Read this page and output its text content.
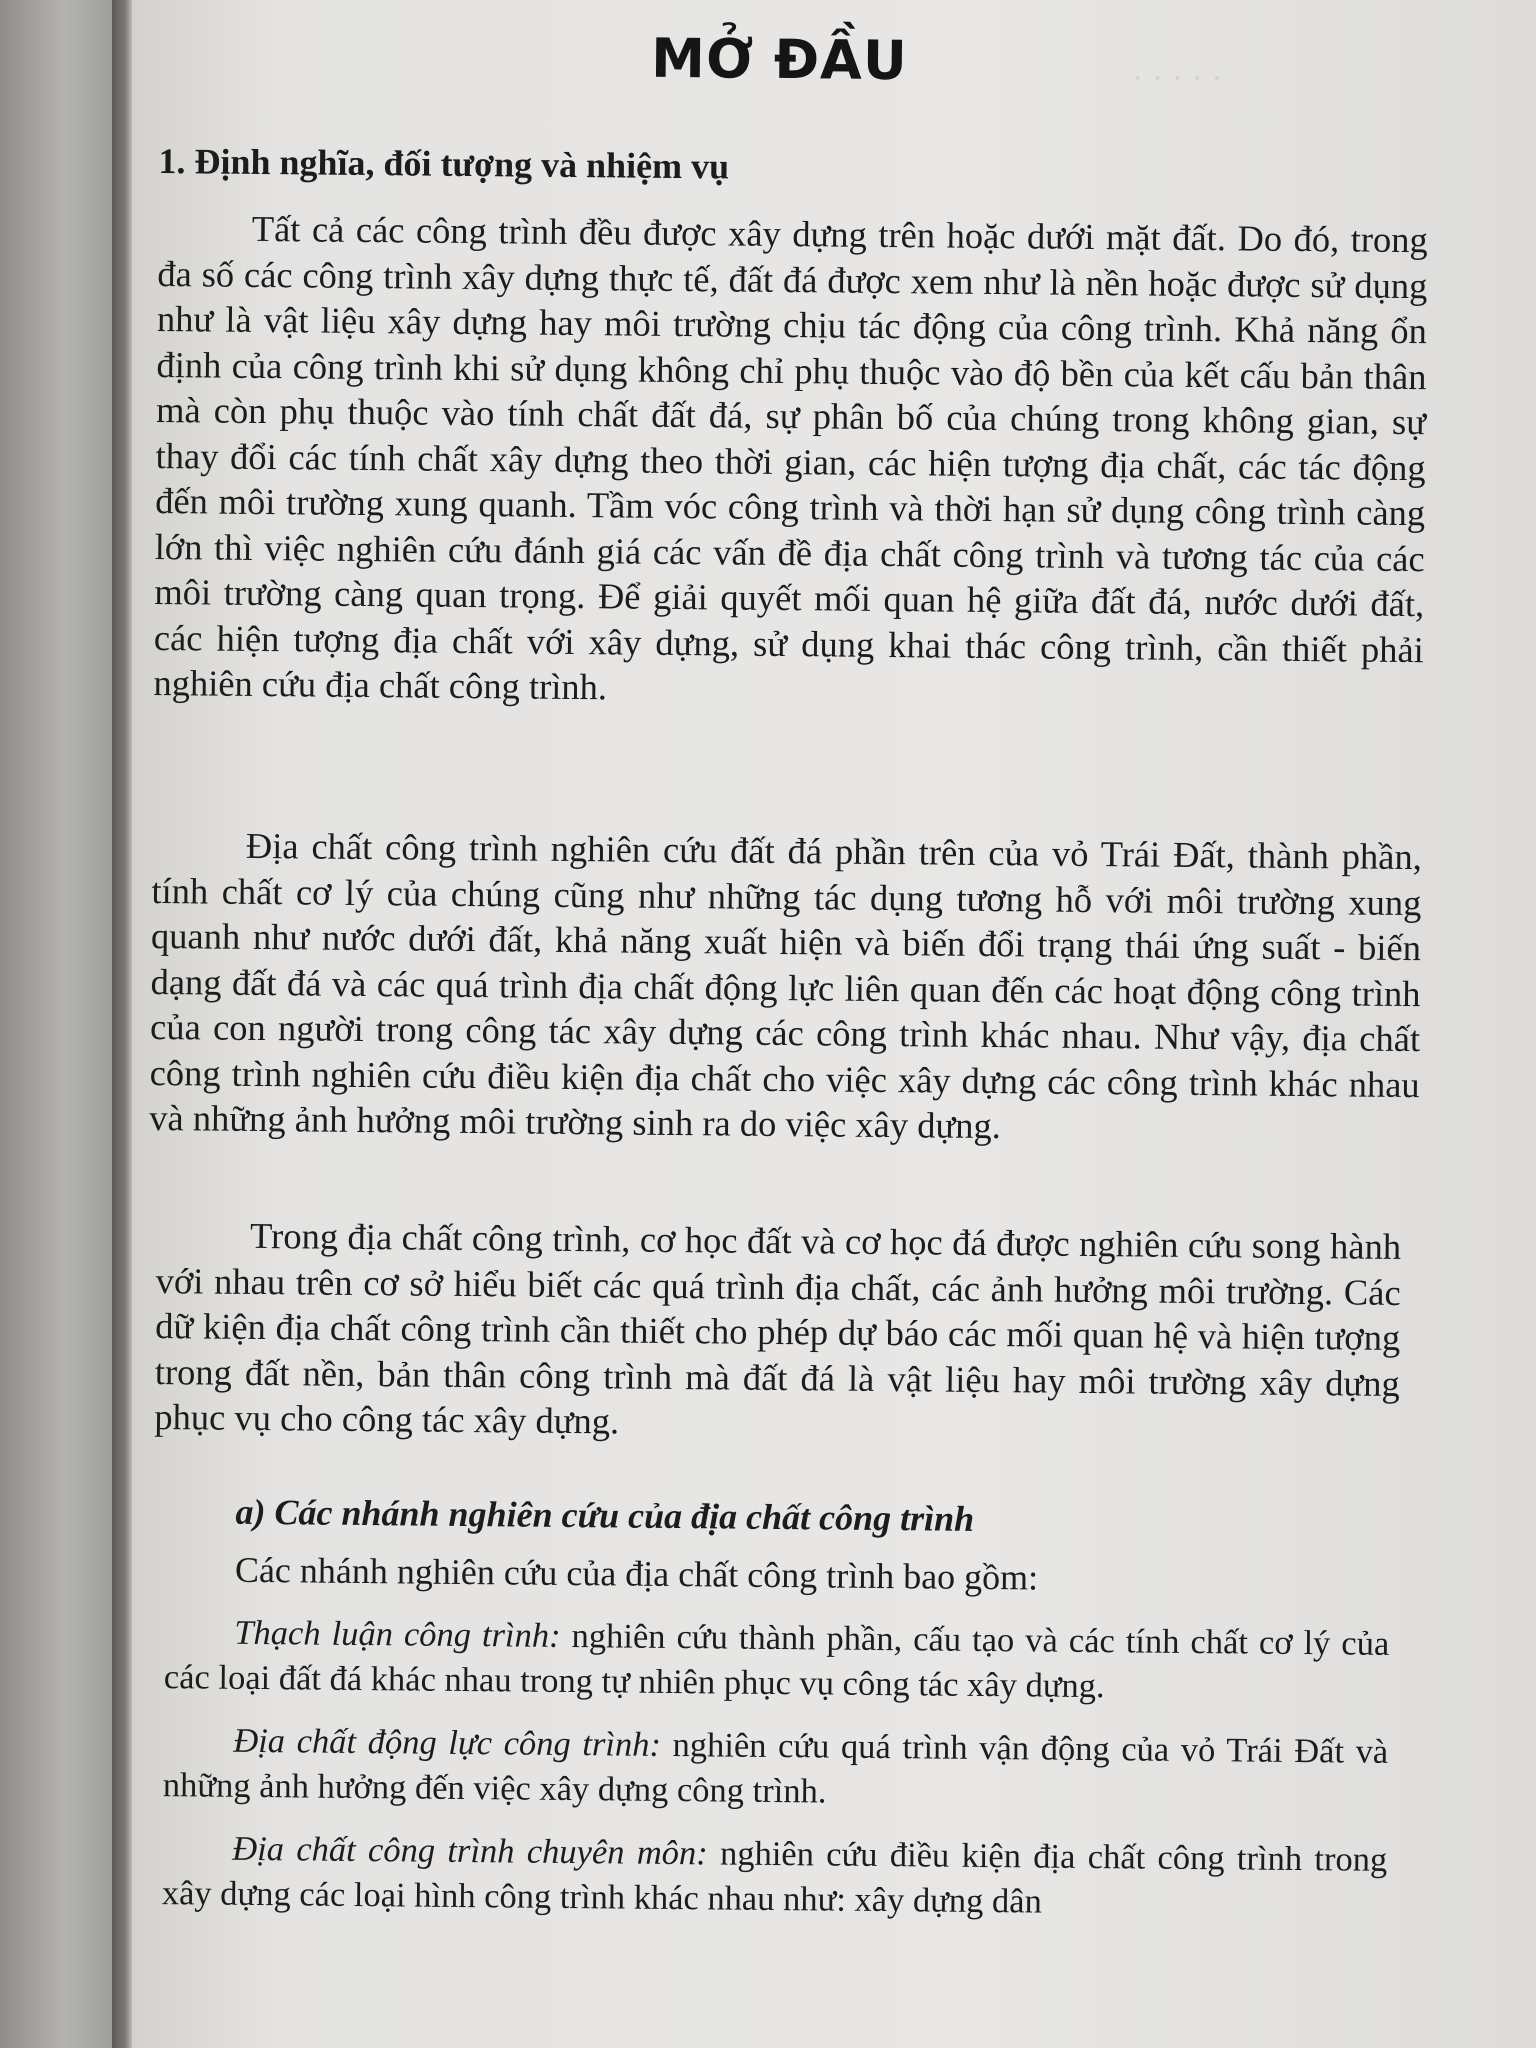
· · · · ·
MỞ ĐẦU
1. Định nghĩa, đối tượng và nhiệm vụ

Tất cả các công trình đều được xây dựng trên hoặc dưới mặt đất. Do đó, trong đa số các công trình xây dựng thực tế, đất đá được xem như là nền hoặc được sử dụng như là vật liệu xây dựng hay môi trường chịu tác động của công trình. Khả năng ổn định của công trình khi sử dụng không chỉ phụ thuộc vào độ bền của kết cấu bản thân mà còn phụ thuộc vào tính chất đất đá, sự phân bố của chúng trong không gian, sự thay đổi các tính chất xây dựng theo thời gian, các hiện tượng địa chất, các tác động đến môi trường xung quanh. Tầm vóc công trình và thời hạn sử dụng công trình càng lớn thì việc nghiên cứu đánh giá các vấn đề địa chất công trình và tương tác của các môi trường càng quan trọng. Để giải quyết mối quan hệ giữa đất đá, nước dưới đất, các hiện tượng địa chất với xây dựng, sử dụng khai thác công trình, cần thiết phải nghiên cứu địa chất công trình.

Địa chất công trình nghiên cứu đất đá phần trên của vỏ Trái Đất, thành phần, tính chất cơ lý của chúng cũng như những tác dụng tương hỗ với môi trường xung quanh như nước dưới đất, khả năng xuất hiện và biến đổi trạng thái ứng suất - biến dạng đất đá và các quá trình địa chất động lực liên quan đến các hoạt động công trình của con người trong công tác xây dựng các công trình khác nhau. Như vậy, địa chất công trình nghiên cứu điều kiện địa chất cho việc xây dựng các công trình khác nhau và những ảnh hưởng môi trường sinh ra do việc xây dựng.

Trong địa chất công trình, cơ học đất và cơ học đá được nghiên cứu song hành với nhau trên cơ sở hiểu biết các quá trình địa chất, các ảnh hưởng môi trường. Các dữ kiện địa chất công trình cần thiết cho phép dự báo các mối quan hệ và hiện tượng trong đất nền, bản thân công trình mà đất đá là vật liệu hay môi trường xây dựng phục vụ cho công tác xây dựng.

a) Các nhánh nghiên cứu của địa chất công trình
Các nhánh nghiên cứu của địa chất công trình bao gồm:

Thạch luận công trình: nghiên cứu thành phần, cấu tạo và các tính chất cơ lý của các loại đất đá khác nhau trong tự nhiên phục vụ công tác xây dựng.

Địa chất động lực công trình: nghiên cứu quá trình vận động của vỏ Trái Đất và những ảnh hưởng đến việc xây dựng công trình.

Địa chất công trình chuyên môn: nghiên cứu điều kiện địa chất công trình trong xây dựng các loại hình công trình khác nhau như: xây dựng dân
